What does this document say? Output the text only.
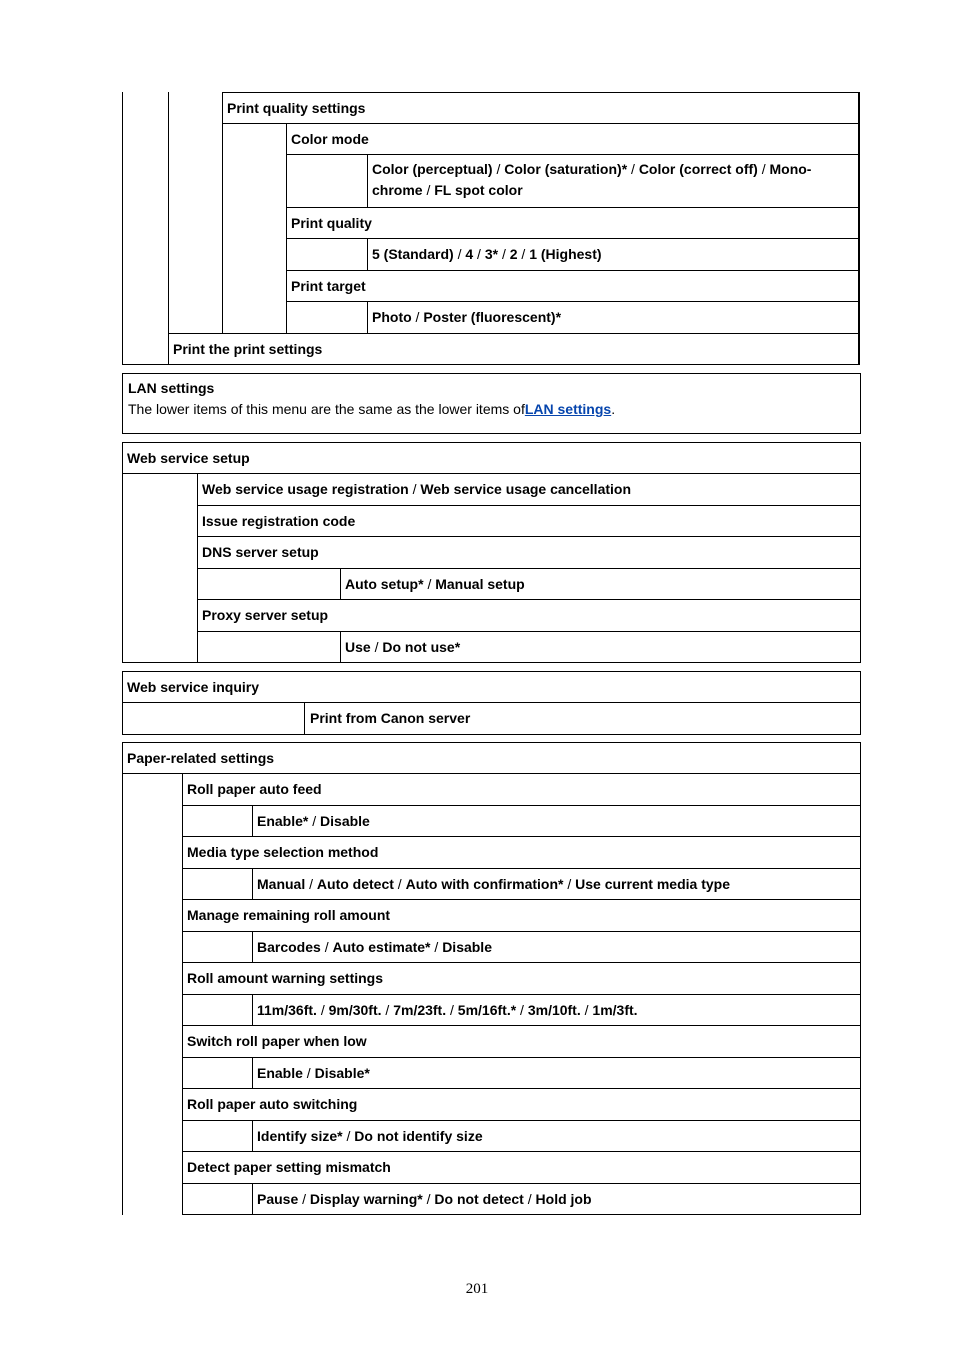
Print quality settings
Color mode
Color (perceptual) / Color (saturation)* / Color (correct off) / Mono-
chrome / FL spot color
Print quality
5 (Standard) / 4 / 3* / 2 / 1 (Highest)
Print target
Photo / Poster (fluorescent)*
Print the print settings
LAN settings
The lower items of this menu are the same as the lower items of LAN settings .
Web service setup
Web service usage registration / Web service usage cancellation
Issue registration code
DNS server setup
Auto setup* / Manual setup
Proxy server setup
Use / Do not use*
Web service inquiry
Print from Canon server
Paper-related settings
Roll paper auto feed
Enable* / Disable
Media type selection method
Manual / Auto detect / Auto with confirmation* / Use current media type
Manage remaining roll amount
Barcodes / Auto estimate* / Disable
Roll amount warning settings
11m/36ft. / 9m/30ft. / 7m/23ft. / 5m/16ft.* / 3m/10ft. / 1m/3ft.
Switch roll paper when low
Enable / Disable*
Roll paper auto switching
Identify size* / Do not identify size
Detect paper setting mismatch
Pause / Display warning* / Do not detect / Hold job
201
